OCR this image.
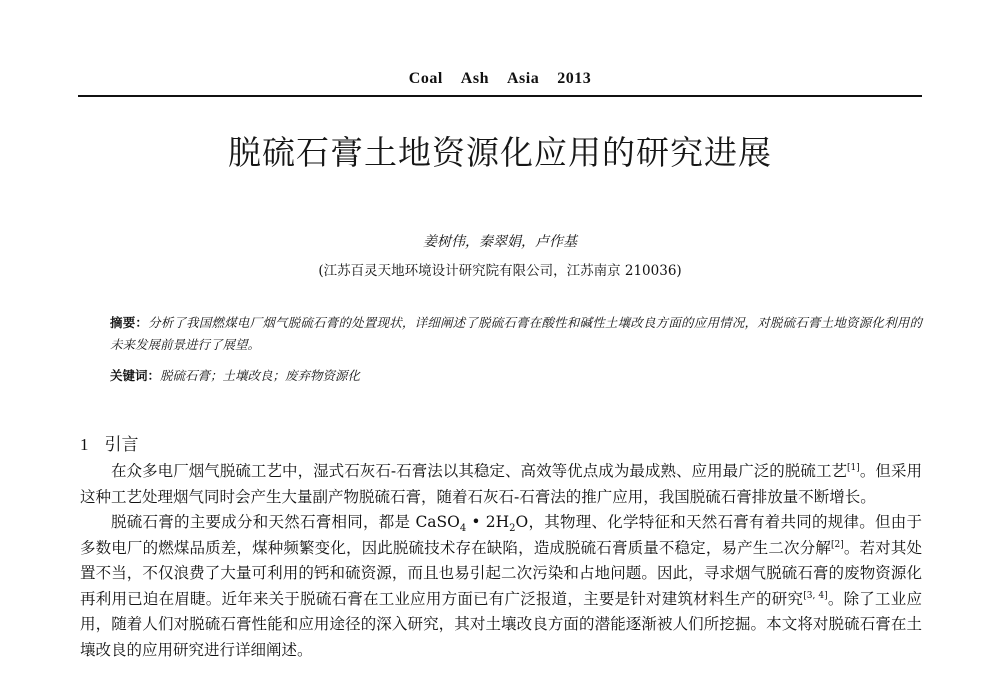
Coal Ash Asia 2013
脱硫石膏土地资源化应用的研究进展
姜树伟，秦翠娟，卢作基
(江苏百灵天地环境设计研究院有限公司，江苏南京 210036)
摘要：分析了我国燃煤电厂烟气脱硫石膏的处置现状，详细阐述了脱硫石膏在酸性和碱性土壤改良方面的应用情况，对脱硫石膏土地资源化利用的未来发展前景进行了展望。
关键词：脱硫石膏；土壤改良；废弃物资源化
1 引言

在众多电厂烟气脱硫工艺中，湿式石灰石-石膏法以其稳定、高效等优点成为最成熟、应用最广泛的脱硫工艺[1]。但采用这种工艺处理烟气同时会产生大量副产物脱硫石膏，随着石灰石-石膏法的推广应用，我国脱硫石膏排放量不断增长。

脱硫石膏的主要成分和天然石膏相同，都是 CaSO$_4$ • $2H_2O$，其物理、化学特征和天然石膏有着共同的规律。但由于多数电厂的燃煤品质差，煤种频繁变化，因此脱硫技术存在缺陷，造成脱硫石膏质量不稳定，易产生二次分解[2]。若对其处置不当，不仅浪费了大量可利用的钙和硫资源，而且也易引起二次污染和占地问题。因此，寻求烟气脱硫石膏的废物资源化再利用已迫在眉睫。近年来关于脱硫石膏在工业应用方面已有广泛报道，主要是针对建筑材料生产的研究[3, 4]。除了工业应用，随着人们对脱硫石膏性能和应用途径的深入研究，其对土壤改良方面的潜能逐渐被人们所挖掘。本文将对脱硫石膏在土壤改良的应用研究进行详细阐述。
